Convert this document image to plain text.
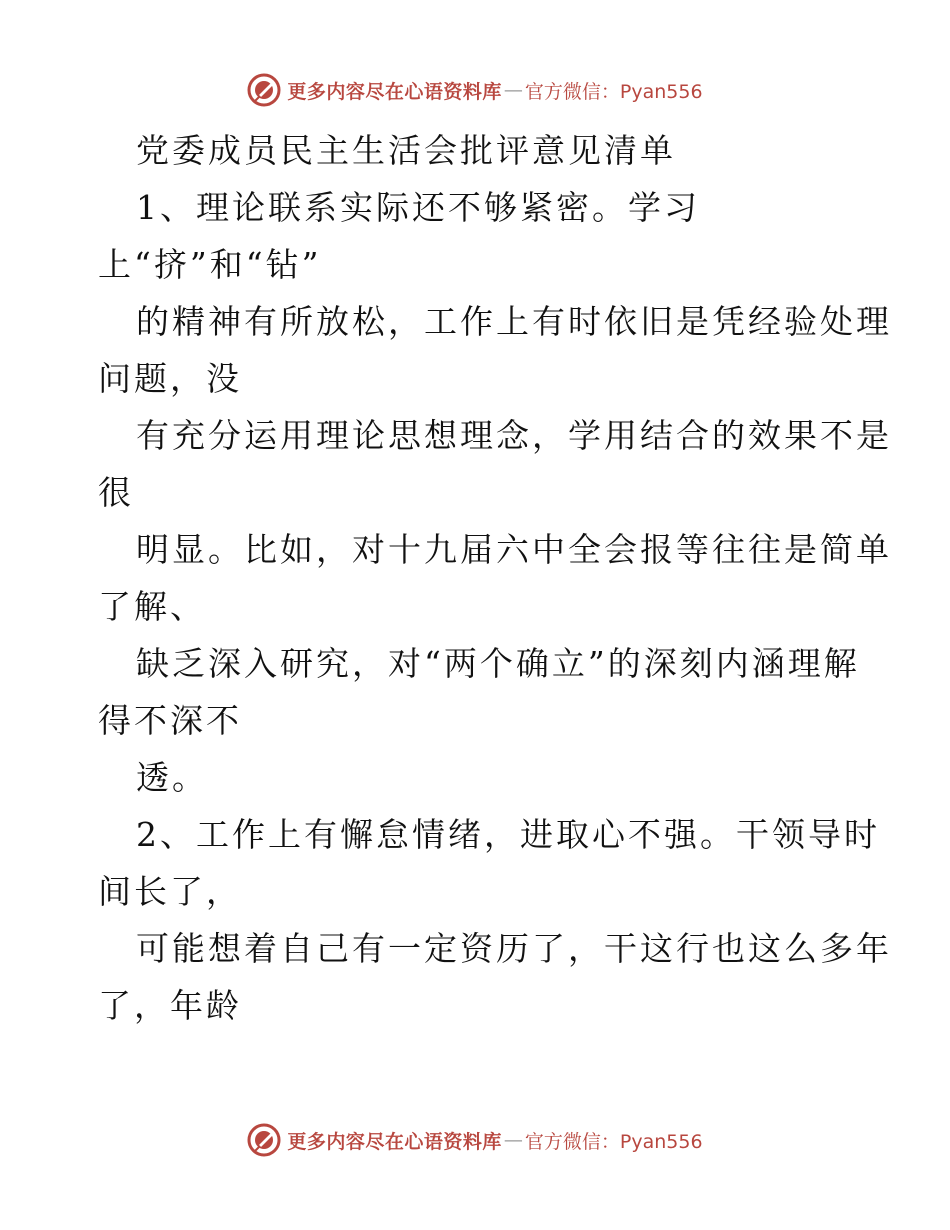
更多内容尽在心语资料库 — 官方微信：Pyan556
党委成员民主生活会批评意见清单
1、理论联系实际还不够紧密。学习
上“挤”和“钻”
的精神有所放松，工作上有时依旧是凭经验处理
问题，没
有充分运用理论思想理念，学用结合的效果不是
很
明显。比如，对十九届六中全会报等往往是简单
了解、
缺乏深入研究，对“两个确立”的深刻内涵理解
得不深不
透。
2、工作上有懈怠情绪，进取心不强。干领导时
间长了，
可能想着自己有一定资历了，干这行也这么多年
了，年龄
更多内容尽在心语资料库 — 官方微信：Pyan556
